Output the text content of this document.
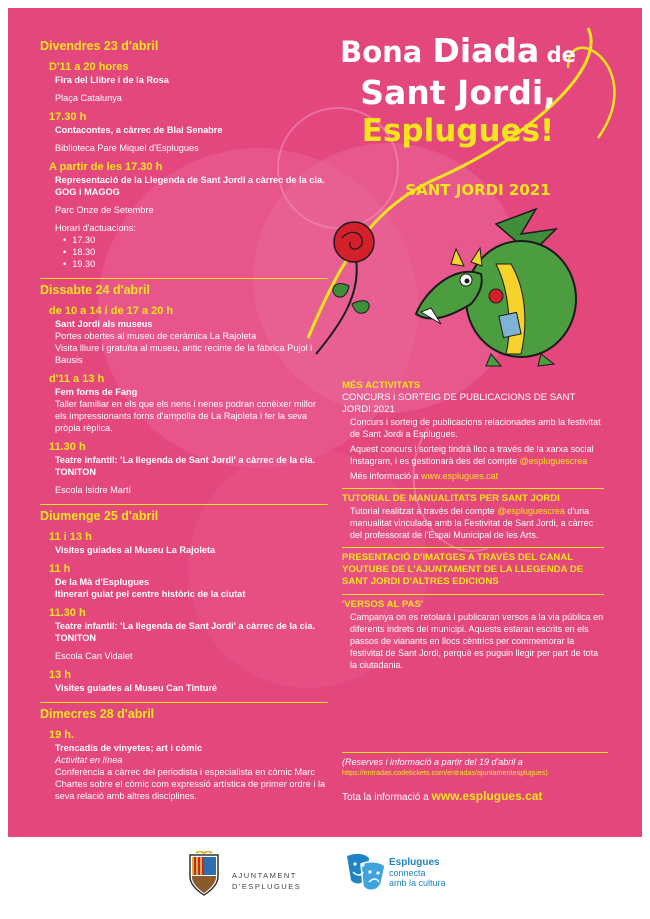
Divendres 23 d'abril
D'11 a 20 hores
Fira del Llibre i de la Rosa
Plaça Catalunya
17.30 h
Contacontes, a càrrec de Blai Senabre
Biblioteca Pare Miquel d'Esplugues
A partir de les 17.30 h
Representació de la Llegenda de Sant Jordi a càrrec de la cia. GOG i MAGOG
Parc Onze de Setembre
Horari d'actuacions:
• 17.30
• 18.30
• 19.30
Dissabte 24 d'abril
de 10 a 14 i de 17 a 20 h
Sant Jordi als museus
Portes obertes al museu de ceràmica La Rajoleta
Visita lliure i gratuïta al museu, antic recinte de la fàbrica Pujol i Bausis
d'11 a 13 h
Fem forns de Fang
Taller familiar en els que els nens i nenes podran conèixer millor els impressionants forns d'ampolla de La Rajoleta i fer la seva pròpia rèplica.
11.30 h
Teatre infantil: 'La llegenda de Sant Jordi' a càrrec de la cia. TONITON
Escola Isidre Martí
Diumenge 25 d'abril
11 i 13 h
Visites guiades al Museu La Rajoleta
11 h
De la Mà d'Esplugues
Itinerari guiat pel centre històric de la ciutat
11.30 h
Teatre infantil: 'La llegenda de Sant Jordi' a càrrec de la cia. TONITON
Escola Can Vidalet
13 h
Visites guiades al Museu Can Tinturé
Dimecres 28 d'abril
19 h.
Trencadís de vinyetes; art i còmic
Activitat en línea
Conferència a càrrec del periodista i especialista en còmic Marc Chartes sobre el còmic com expressió artística de primer ordre i la seva relació amb altres disciplines.
Bona Diada de
Sant Jordi,
Esplugues!
SANT JORDI 2021
MÉS ACTIVITATS
CONCURS i SORTEIG DE PUBLICACIONS DE SANT JORDI 2021
Concurs i sorteig de publicacions relacionades amb la festivitat de Sant Jordi a Esplugues.
Aquest concurs i sorteig tindrà lloc a través de la xarxa social Instagram, i es gestionarà des del compte @espluguescrea
Més informació a www.esplugues.cat
TUTORIAL DE MANUALITATS PER SANT JORDI
Tutorial realitzat a través del compte @espluguescrea d'una manualitat vinculada amb la Festivitat de Sant Jordi, a càrrec del professorat de l'Espai Municipal de les Arts.
PRESENTACIÓ D'IMATGES A TRAVÉS DEL CANAL YOUTUBE DE L'AJUNTAMENT DE LA LLEGENDA DE SANT JORDI D'ALTRES EDICIONS
'VERSOS AL PAS'
Campanya on es retolarà i publicaran versos a la via pública en diferents indrets del municipi. Aquests estaran escrits en els passos de vianants en llocs cèntrics per commemorar la festivitat de Sant Jordi, perquè es puguin llegir per part de tota la ciutadania.
(Reserves i informació a partir del 19 d'abril a
https://entradas.codetickets.com/entradas/ajuntamentesplugues)
Tota la informació a www.esplugues.cat
AJUNTAMENT
D'ESPLUGUES
Esplugues
connecta
amb la cultura
